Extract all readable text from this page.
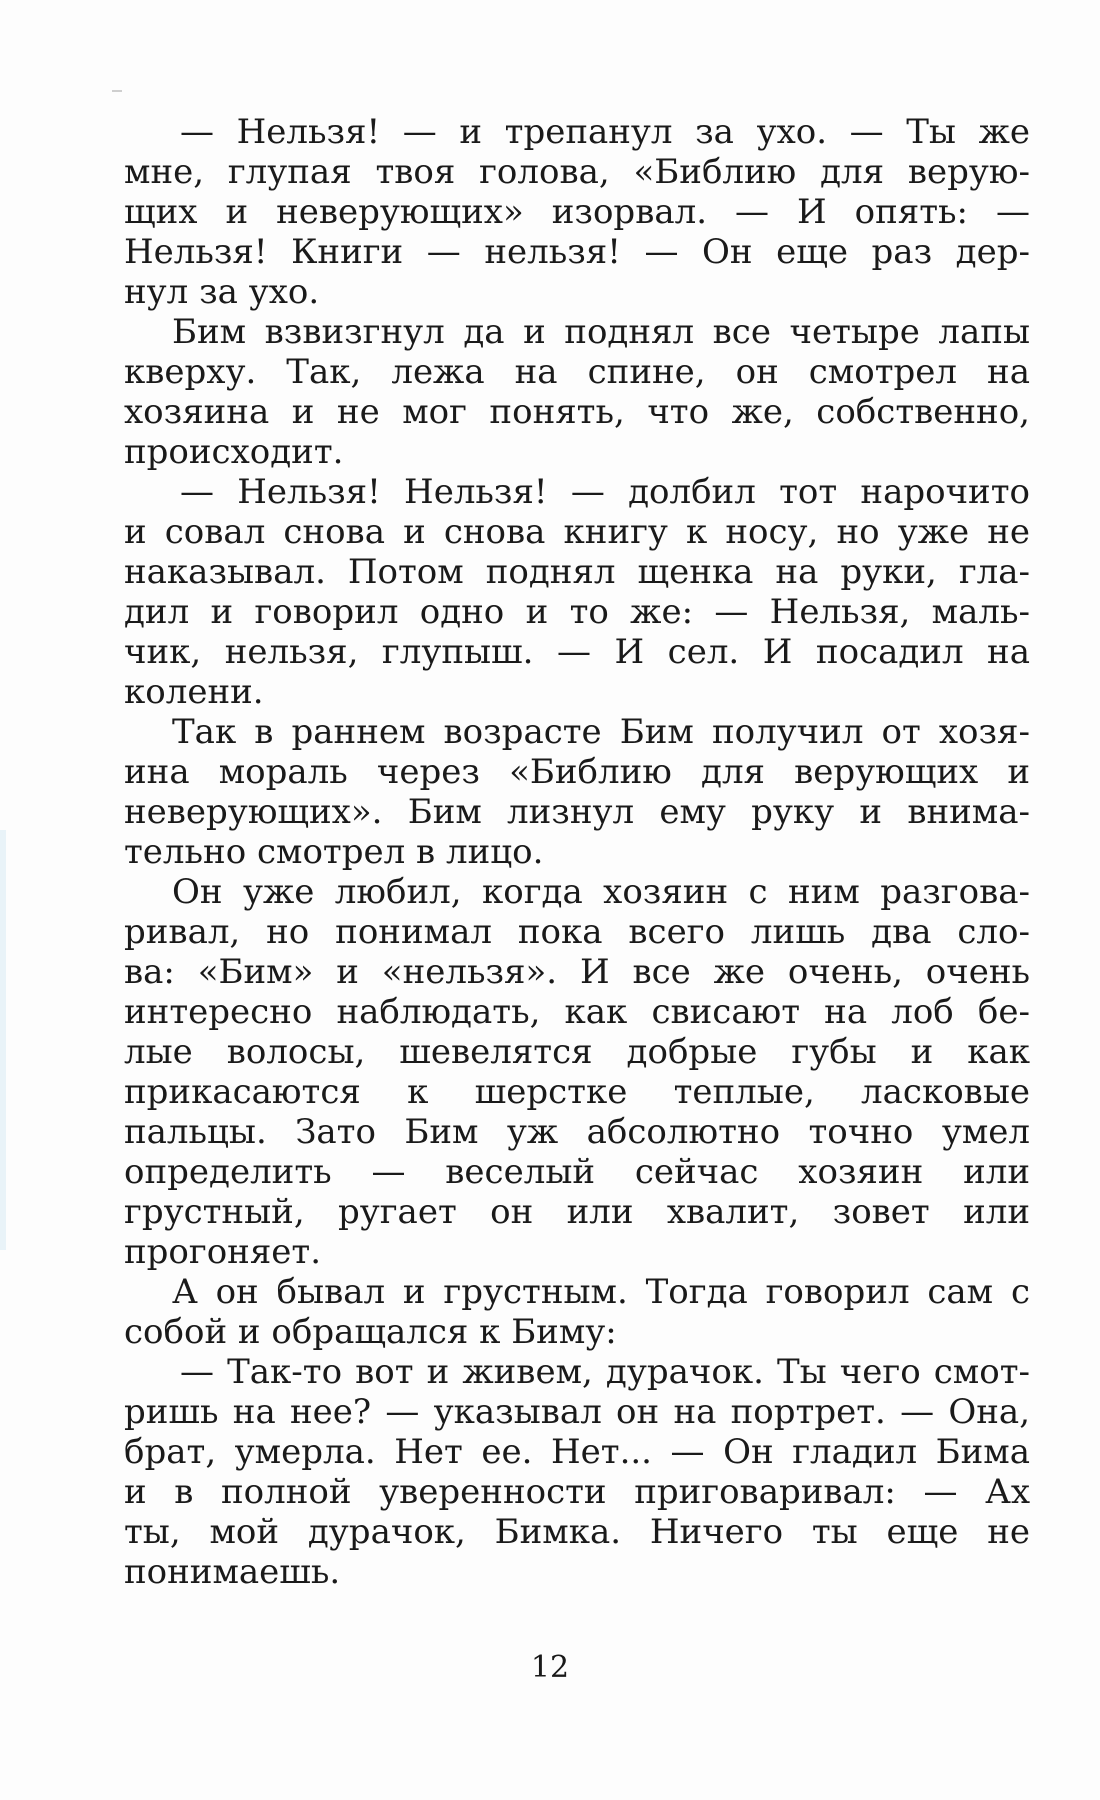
— Нельзя! — и трепанул за ухо. — Ты же
мне, глупая твоя голова, «Библию для верую-
щих и неверующих» изорвал. — И опять: —
Нельзя! Книги — нельзя! — Он еще раз дер-
нул за ухо.
Бим взвизгнул да и поднял все четыре лапы
кверху. Так, лежа на спине, он смотрел на
хозяина и не мог понять, что же, собственно,
происходит.
— Нельзя! Нельзя! — долбил тот нарочито
и совал снова и снова книгу к носу, но уже не
наказывал. Потом поднял щенка на руки, гла-
дил и говорил одно и то же: — Нельзя, маль-
чик, нельзя, глупыш. — И сел. И посадил на
колени.
Так в раннем возрасте Бим получил от хозя-
ина мораль через «Библию для верующих и
неверующих». Бим лизнул ему руку и внима-
тельно смотрел в лицо.
Он уже любил, когда хозяин с ним разгова-
ривал, но понимал пока всего лишь два сло-
ва: «Бим» и «нельзя». И все же очень, очень
интересно наблюдать, как свисают на лоб бе-
лые волосы, шевелятся добрые губы и как
прикасаются к шерстке теплые, ласковые
пальцы. Зато Бим уж абсолютно точно умел
определить — веселый сейчас хозяин или
грустный, ругает он или хвалит, зовет или
прогоняет.
А он бывал и грустным. Тогда говорил сам с
собой и обращался к Биму:
— Так-то вот и живем, дурачок. Ты чего смот-
ришь на нее? — указывал он на портрет. — Она,
брат, умерла. Нет ее. Нет... — Он гладил Бима
и в полной уверенности приговаривал: — Ах
ты, мой дурачок, Бимка. Ничего ты еще не
понимаешь.
12
